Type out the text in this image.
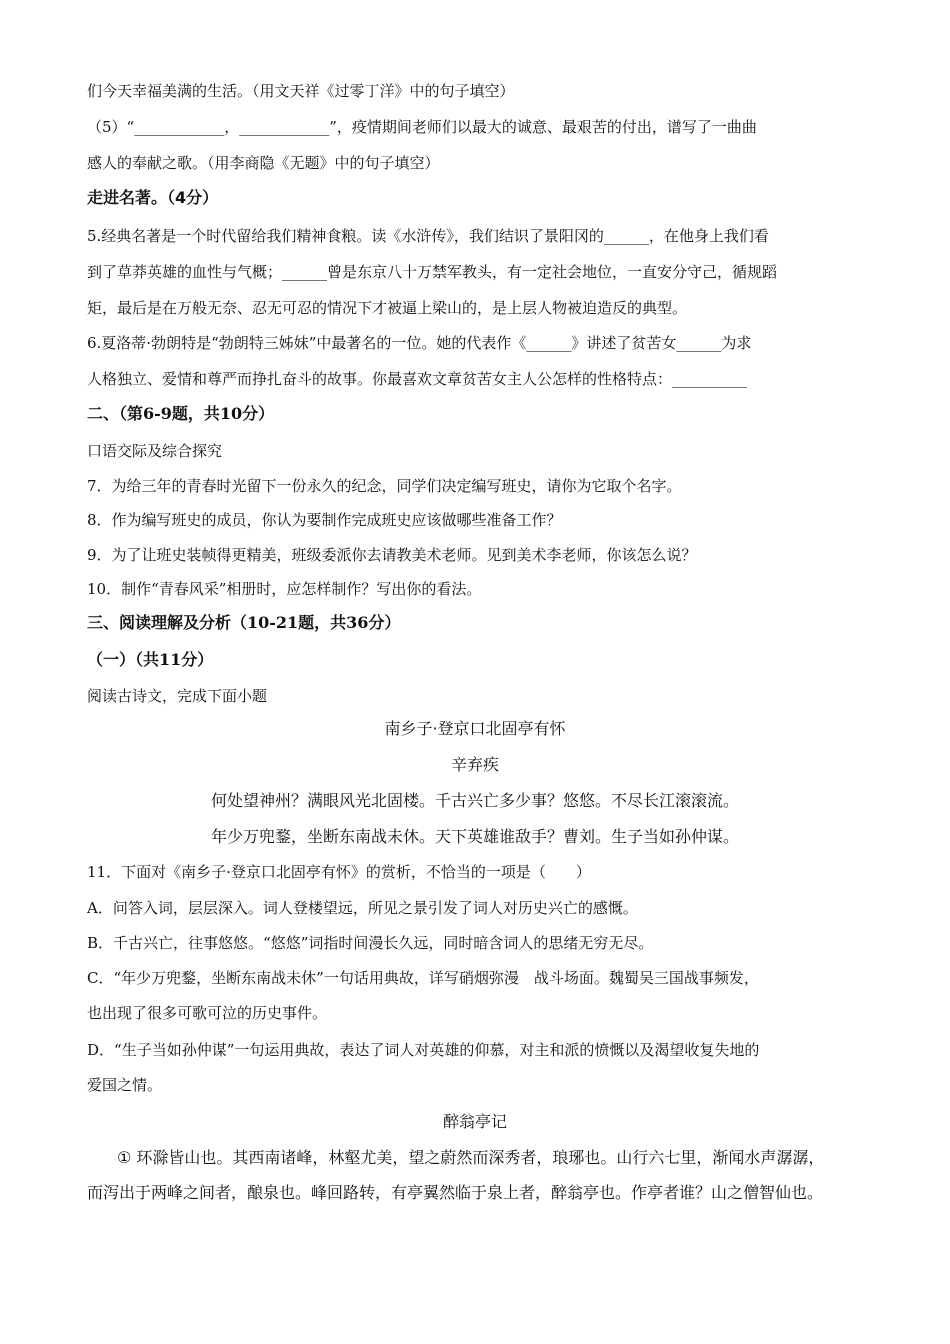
们今天幸福美满的生活。（用文天祥《过零丁洋》中的句子填空）
（5）“____________，____________”，疫情期间老师们以最大的诚意、最艰苦的付出，谱写了一曲曲
感人的奉献之歌。（用李商隐《无题》中的句子填空）
走进名著。（4分）
5.经典名著是一个时代留给我们精神食粮。读《水浒传》，我们结识了景阳冈的______，在他身上我们看
到了草莽英雄的血性与气概；______曾是东京八十万禁军教头，有一定社会地位，一直安分守己，循规蹈
矩，最后是在万般无奈、忍无可忍的情况下才被逼上梁山的，是上层人物被迫造反的典型。
6.夏洛蒂·勃朗特是“勃朗特三姊妹”中最著名的一位。她的代表作《______》讲述了贫苦女______为求
人格独立、爱情和尊严而挣扎奋斗的故事。你最喜欢文章贫苦女主人公怎样的性格特点：__________
二、（第6-9题，共10分）
口语交际及综合探究
7．为给三年的青春时光留下一份永久的纪念，同学们决定编写班史，请你为它取个名字。
8．作为编写班史的成员，你认为要制作完成班史应该做哪些准备工作？
9．为了让班史装帧得更精美，班级委派你去请教美术老师。见到美术李老师，你该怎么说？
10．制作“青春风采”相册时，应怎样制作？写出你的看法。
三、阅读理解及分析（10-21题，共36分）
（一）（共11分）
阅读古诗文，完成下面小题
南乡子·登京口北固亭有怀
辛弃疾
何处望神州？满眼风光北固楼。千古兴亡多少事？悠悠。不尽长江滚滚流。
年少万兜鍪，坐断东南战未休。天下英雄谁敌手？曹刘。生子当如孙仲谋。
11．下面对《南乡子·登京口北固亭有怀》的赏析，不恰当的一项是（　　）
A．问答入词，层层深入。词人登楼望远，所见之景引发了词人对历史兴亡的感慨。
B．千古兴亡，往事悠悠。“悠悠”词指时间漫长久远，同时暗含词人的思绪无穷无尽。
C．“年少万兜鍪，坐断东南战未休”一句话用典故，详写硝烟弥漫　战斗场面。魏蜀吴三国战事频发，
也出现了很多可歌可泣的历史事件。
D．“生子当如孙仲谋”一句运用典故，表达了词人对英雄的仰慕，对主和派的愤慨以及渴望收复失地的
爱国之情。
醉翁亭记
① 环滁皆山也。其西南诸峰，林壑尤美，望之蔚然而深秀者，琅琊也。山行六七里，渐闻水声潺潺，
而泻出于两峰之间者，酿泉也。峰回路转，有亭翼然临于泉上者，醉翁亭也。作亭者谁？山之僧智仙也。
